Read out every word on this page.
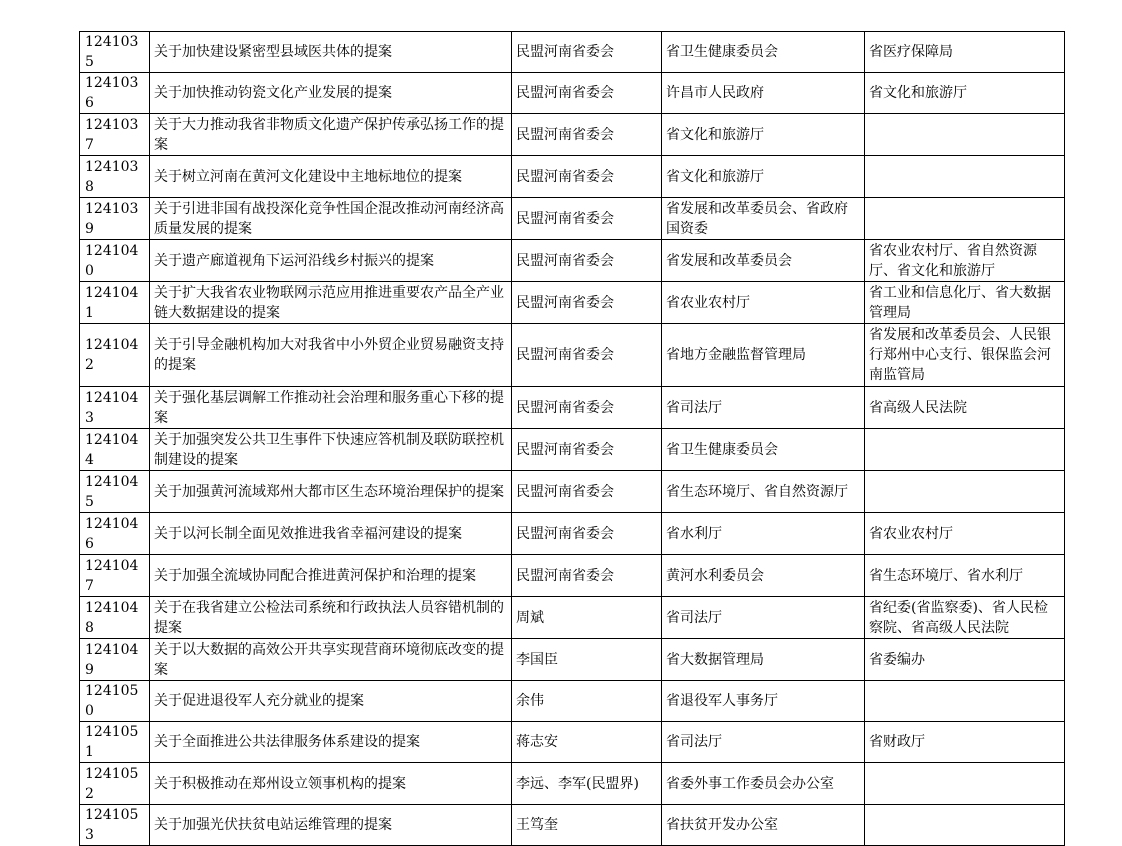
1241035	关于加快建设紧密型县域医共体的提案	民盟河南省委会	省卫生健康委员会	省医疗保障局
1241036	关于加快推动钧瓷文化产业发展的提案	民盟河南省委会	许昌市人民政府	省文化和旅游厅
1241037	关于大力推动我省非物质文化遗产保护传承弘扬工作的提案	民盟河南省委会	省文化和旅游厅	
1241038	关于树立河南在黄河文化建设中主地标地位的提案	民盟河南省委会	省文化和旅游厅	
1241039	关于引进非国有战投深化竞争性国企混改推动河南经济高质量发展的提案	民盟河南省委会	省发展和改革委员会、省政府国资委	
1241040	关于遗产廊道视角下运河沿线乡村振兴的提案	民盟河南省委会	省发展和改革委员会	省农业农村厅、省自然资源厅、省文化和旅游厅
1241041	关于扩大我省农业物联网示范应用推进重要农产品全产业链大数据建设的提案	民盟河南省委会	省农业农村厅	省工业和信息化厅、省大数据管理局
1241042	关于引导金融机构加大对我省中小外贸企业贸易融资支持的提案	民盟河南省委会	省地方金融监督管理局	省发展和改革委员会、人民银行郑州中心支行、银保监会河南监管局
1241043	关于强化基层调解工作推动社会治理和服务重心下移的提案	民盟河南省委会	省司法厅	省高级人民法院
1241044	关于加强突发公共卫生事件下快速应答机制及联防联控机制建设的提案	民盟河南省委会	省卫生健康委员会	
1241045	关于加强黄河流域郑州大都市区生态环境治理保护的提案	民盟河南省委会	省生态环境厅、省自然资源厅	
1241046	关于以河长制全面见效推进我省幸福河建设的提案	民盟河南省委会	省水利厅	省农业农村厅
1241047	关于加强全流域协同配合推进黄河保护和治理的提案	民盟河南省委会	黄河水利委员会	省生态环境厅、省水利厅
1241048	关于在我省建立公检法司系统和行政执法人员容错机制的提案	周斌	省司法厅	省纪委(省监察委)、省人民检察院、省高级人民法院
1241049	关于以大数据的高效公开共享实现营商环境彻底改变的提案	李国臣	省大数据管理局	省委编办
1241050	关于促进退役军人充分就业的提案	余伟	省退役军人事务厅	
1241051	关于全面推进公共法律服务体系建设的提案	蒋志安	省司法厅	省财政厅
1241052	关于积极推动在郑州设立领事机构的提案	李远、李军(民盟界)	省委外事工作委员会办公室	
1241053	关于加强光伏扶贫电站运维管理的提案	王笃奎	省扶贫开发办公室	
